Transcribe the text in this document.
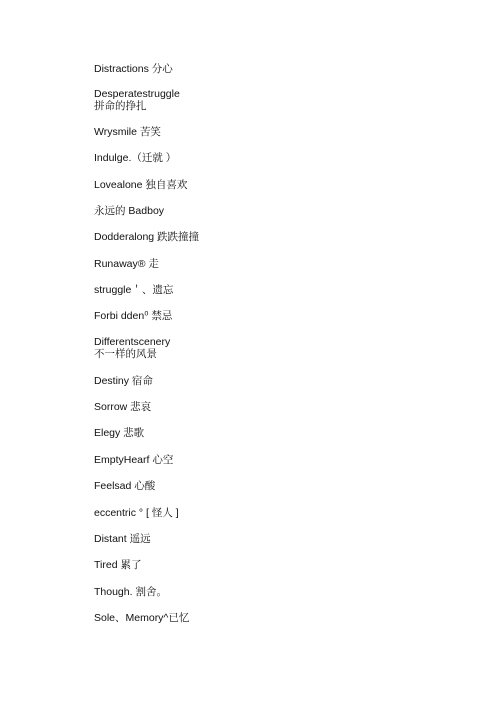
Distractions 分心
Desperatestruggle
拼命的挣扎
Wrysmile 苦笑
Indulge.（迁就 ）
Lovealone 独自喜欢
永远的 Badboy
Dodderalong 跌跌撞撞
Runaway® 走
struggle＇、遗忘
Forbi dden⁰ 禁忌
Differentscenery
不一样的风景
Destiny 宿命
Sorrow 悲哀
Elegy 悲歌
EmptyHearf 心空
Feelsad 心酸
eccentric ° [ 怪人 ]
Distant 遥远
Tired 累了
Though. 割舍。
Sole、Memory^已忆
